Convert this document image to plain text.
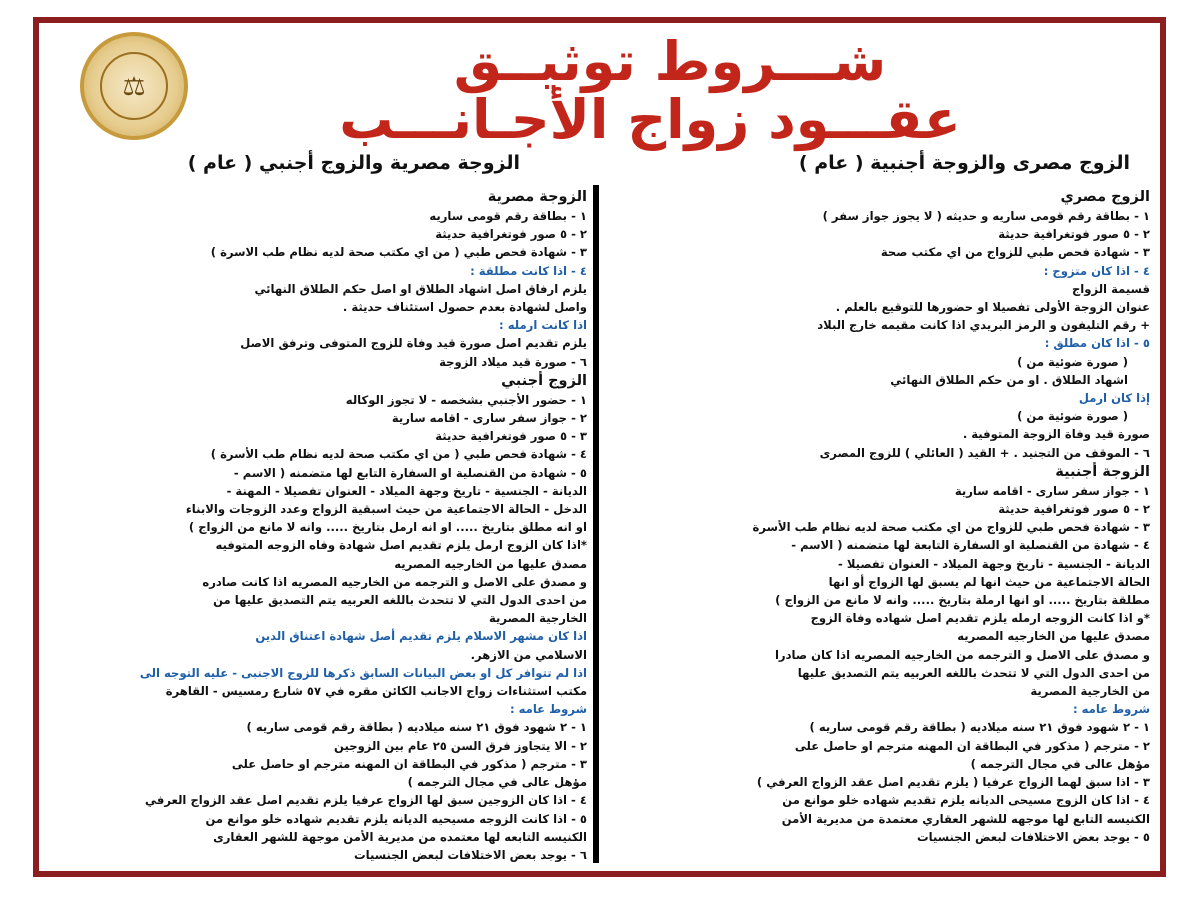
⚖	شـــروط توثيــق
عقـــود زواج الأجـانـــب
الزوج مصرى والزوجة أجنبية ( عام )
الزوجة مصرية والزوج أجنبي ( عام )
الزوج مصري
١ - بطاقة رقم قومى ساريه و حديثه ( لا يجوز جواز سفر )
٢ - ٥ صور فوتغرافية حديثة
٣ - شهادة فحص طبي للزواج من اي مكتب صحة
٤ - اذا كان متزوج :
قسيمة الزواج
عنوان الزوجة الأولى تفصيلا او حضورها للتوقيع بالعلم .
+ رقم التليفون و الرمز البريدي اذا كانت مقيمه خارج البلاد
٥ - اذا كان مطلق :
( صورة ضوئية من )
اشهاد الطلاق . او من حكم الطلاق النهائي
إذا كان ارمل
( صورة ضوئية من )
صورة قيد وفاة الزوجة المتوفية .
٦ - الموقف من التجنيد . + القيد ( العائلي ) للزوج المصرى
الزوجة أجنبية
١ - جواز سفر سارى - اقامه سارية
٢ - ٥ صور فوتغرافية حديثة
٣ - شهادة فحص طبي للزواج من اي مكتب صحة لديه نظام طب الأسرة
٤ - شهادة من القنصلية او السفارة التابعة لها متضمنه ( الاسم -
الديانة - الجنسية - تاريخ وجهة الميلاد - العنوان تفصيلا -
الحالة الاجتماعية من حيث انها لم يسبق لها الزواج أو انها
مطلقة بتاريخ ..... او انها ارملة بتاريخ ..... وانه لا مانع من الزواج )
*و اذا كانت الزوجه ارمله يلزم تقديم اصل شهاده وفاة الزوج
مصدق عليها من الخارجيه المصريه
و مصدق على الاصل و الترجمه من الخارجيه المصريه اذا كان صادرا
من احدى الدول التي لا تتحدث باللغه العربيه يتم التصديق عليها
من الخارجية المصرية
شروط عامه :
١ - ٢ شهود فوق ٢١ سنه ميلاديه ( بطاقة رقم قومى ساريه )
٢ - مترجم ( مذكور في البطاقة ان المهنه مترجم او حاصل على
مؤهل عالى في مجال الترجمه )
٣ - اذا سبق لهما الزواج عرفيا ( يلزم تقديم اصل عقد الزواج العرفي )
٤ - اذا كان الزوج مسيحى الديانه يلزم تقديم شهاده خلو موانع من
الكنيسه التابع لها موجهه للشهر العقاري معتمدة من مديرية الأمن
٥ - يوجد بعض الاختلافات لبعض الجنسيات
الزوجة مصرية
١ - بطاقة رقم قومى ساريه
٢ - ٥ صور فوتغرافية حديثة
٣ - شهادة فحص طبي ( من اي مكتب صحة لديه نظام طب الاسرة )
٤ - اذا كانت مطلقة :
يلزم ارفاق اصل اشهاد الطلاق او اصل حكم الطلاق النهائي
واصل لشهادة بعدم حصول استئناف حديثة .
اذا كانت ارمله :
يلزم تقديم اصل صورة قيد وفاة للزوج المتوفى وترفق الاصل
٦ - صورة قيد ميلاد الزوجة
الزوج أجنبي
١ - حضور الأجنبي بشخصه - لا تجوز الوكاله
٢ - جواز سفر سارى - اقامه سارية
٣ - ٥ صور فوتغرافية حديثة
٤ - شهادة فحص طبي ( من اي مكتب صحة لديه نظام طب الأسرة )
٥ - شهادة من القنصلية او السفارة التابع لها متضمنه ( الاسم -
الديانة - الجنسية - تاريخ وجهة الميلاد - العنوان تفصيلا - المهنة -
الدخل - الحالة الاجتماعية من حيث اسبقية الزواج وعدد الزوجات والابناء
او انه مطلق بتاريخ ..... او انه ارمل بتاريخ ..... وانه لا مانع من الزواج )
*اذا كان الزوج ارمل يلزم تقديم اصل شهادة وفاه الزوجه المتوفيه
مصدق عليها من الخارجيه المصريه
و مصدق على الاصل و الترجمه من الخارجيه المصريه اذا كانت صادره
من احدى الدول التي لا تتحدث باللغه العربيه يتم التصديق عليها من
الخارجية المصرية
اذا كان مشهر الاسلام يلزم تقديم أصل شهادة اعتناق الدين
الاسلامي من الازهر.
اذا لم تتوافر كل او بعض البيانات السابق ذكرها للزوج الاجنبى - عليه التوجه الى
مكتب استثناءات زواج الاجانب الكائن مقره في ٥٧ شارع رمسيس - القاهرة
شروط عامه :
١ - ٢ شهود فوق ٢١ سنه ميلاديه ( بطاقة رقم قومى ساريه )
٢ - الا يتجاوز فرق السن ٢٥ عام بين الزوجين
٣ - مترجم ( مذكور في البطاقة ان المهنه مترجم او حاصل على
مؤهل عالى في مجال الترجمه )
٤ - اذا كان الزوجين سبق لها الزواج عرفيا يلزم تقديم اصل عقد الزواج العرفي
٥ - اذا كانت الزوجه مسيحيه الديانه يلزم تقديم شهاده خلو موانع من
الكنيسه التابعه لها معتمده من مديرية الأمن موجهة للشهر العقارى
٦ - يوجد بعض الاختلافات لبعض الجنسيات
